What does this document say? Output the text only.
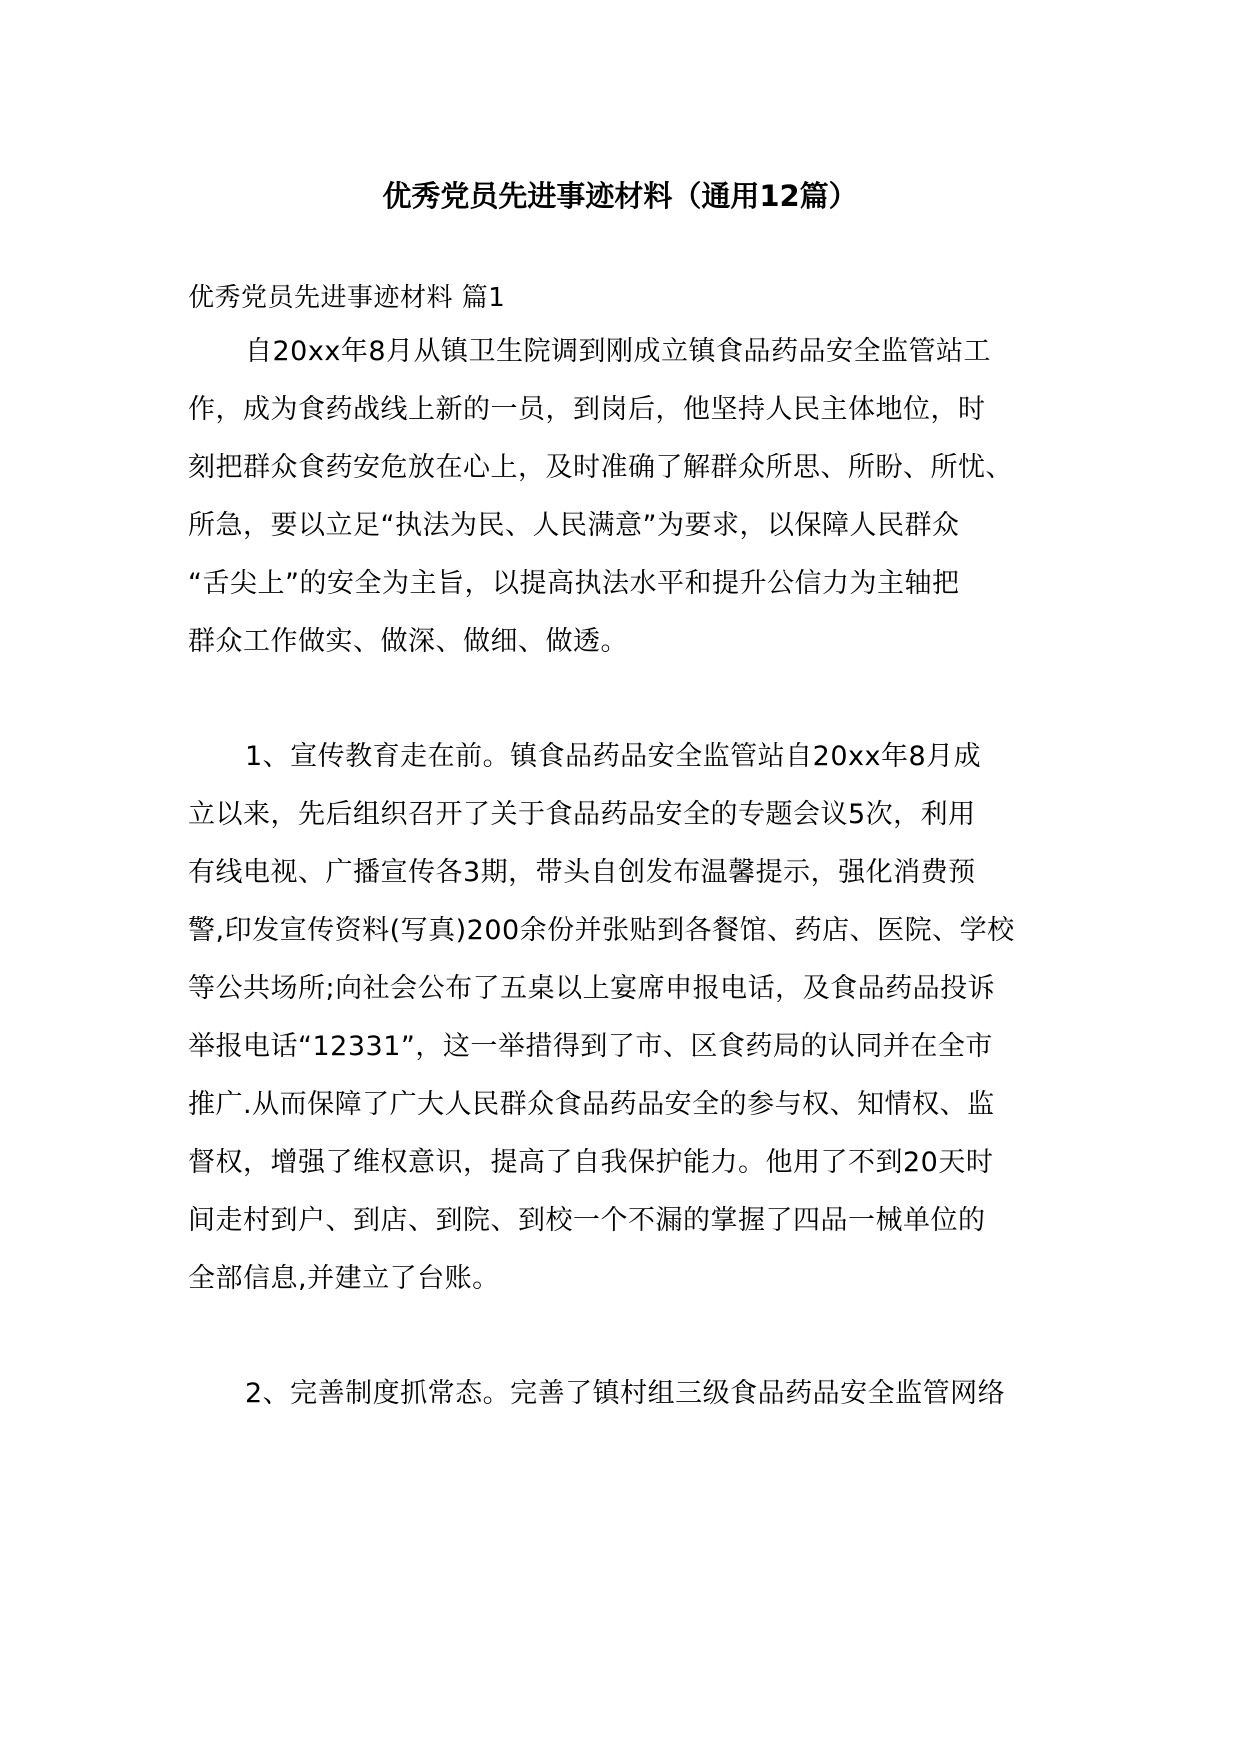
优秀党员先进事迹材料（通用12篇）
优秀党员先进事迹材料 篇1
自20xx年8月从镇卫生院调到刚成立镇食品药品安全监管站工
作，成为食药战线上新的一员，到岗后，他坚持人民主体地位，时
刻把群众食药安危放在心上，及时准确了解群众所思、所盼、所忧、
所急，要以立足“执法为民、人民满意”为要求，以保障人民群众
“舌尖上”的安全为主旨，以提高执法水平和提升公信力为主轴把
群众工作做实、做深、做细、做透。
1、宣传教育走在前。镇食品药品安全监管站自20xx年8月成
立以来，先后组织召开了关于食品药品安全的专题会议5次，利用
有线电视、广播宣传各3期，带头自创发布温馨提示，强化消费预
警,印发宣传资料(写真)200余份并张贴到各餐馆、药店、医院、学校
等公共场所;向社会公布了五桌以上宴席申报电话，及食品药品投诉
举报电话“12331”，这一举措得到了市、区食药局的认同并在全市
推广.从而保障了广大人民群众食品药品安全的参与权、知情权、监
督权，增强了维权意识，提高了自我保护能力。他用了不到20天时
间走村到户、到店、到院、到校一个不漏的掌握了四品一械单位的
全部信息,并建立了台账。
2、完善制度抓常态。完善了镇村组三级食品药品安全监管网络
